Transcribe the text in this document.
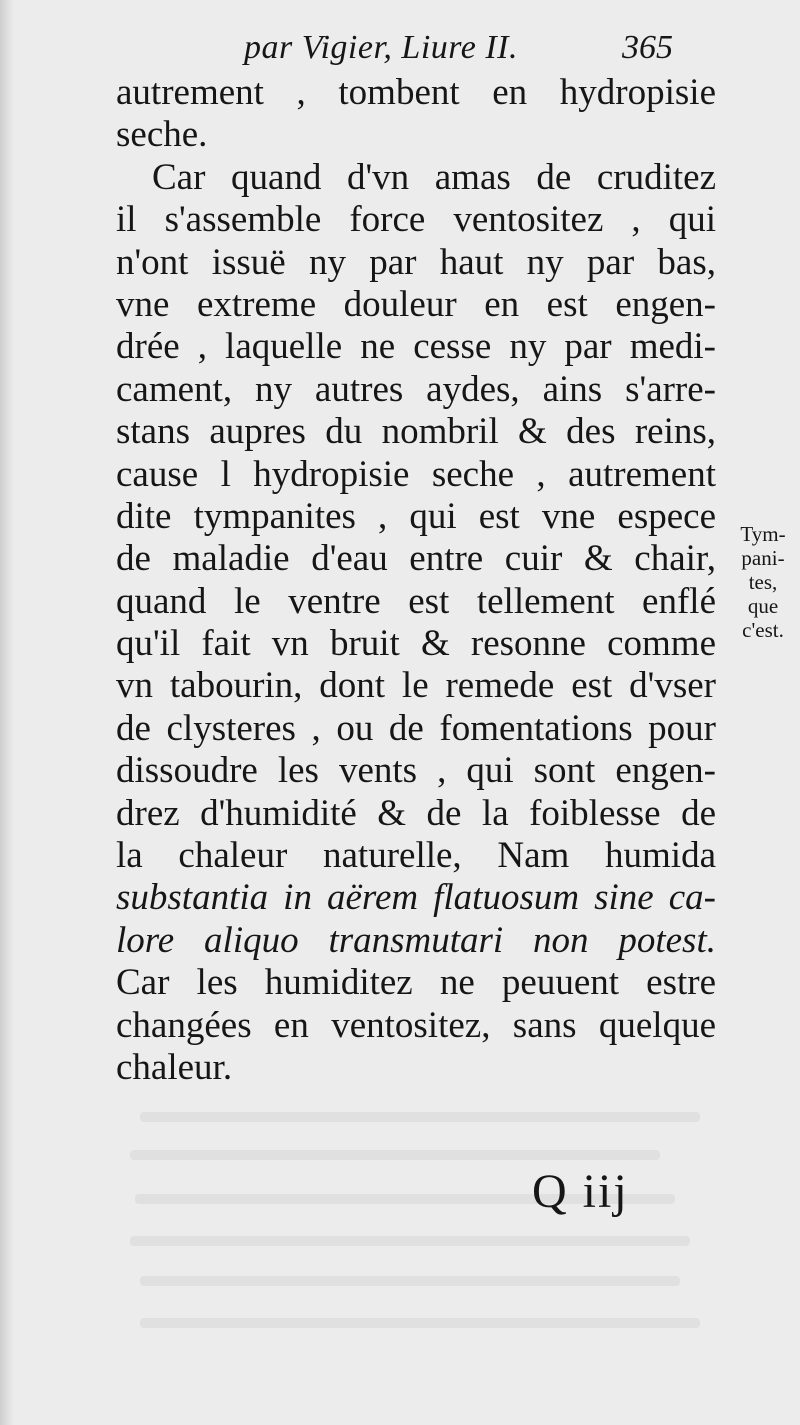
par Vigier, Liure II.	365
autrement , tombent en hydropisie
seche.
Car quand d'vn amas de cruditez
il s'assemble force ventositez , qui
n'ont issuë ny par haut ny par bas,
vne extreme douleur en est engen-
drée , laquelle ne cesse ny par medi-
cament, ny autres aydes, ains s'arre-
stans aupres du nombril & des reins,
cause l hydropisie seche , autrement
dite tympanites , qui est vne espece
de maladie d'eau entre cuir & chair,
quand le ventre est tellement enflé
qu'il fait vn bruit & resonne comme
vn tabourin, dont le remede est d'vser
de clysteres , ou de fomentations pour
dissoudre les vents , qui sont engen-
drez d'humidité & de la foiblesse de
la chaleur naturelle, Nam humida
substantia in aërem flatuosum sine ca-
lore aliquo transmutari non potest.
Car les humiditez ne peuuent estre
changées en ventositez, sans quelque
chaleur.
Tym-
pani-
tes,
que
c'est.
Q iij
